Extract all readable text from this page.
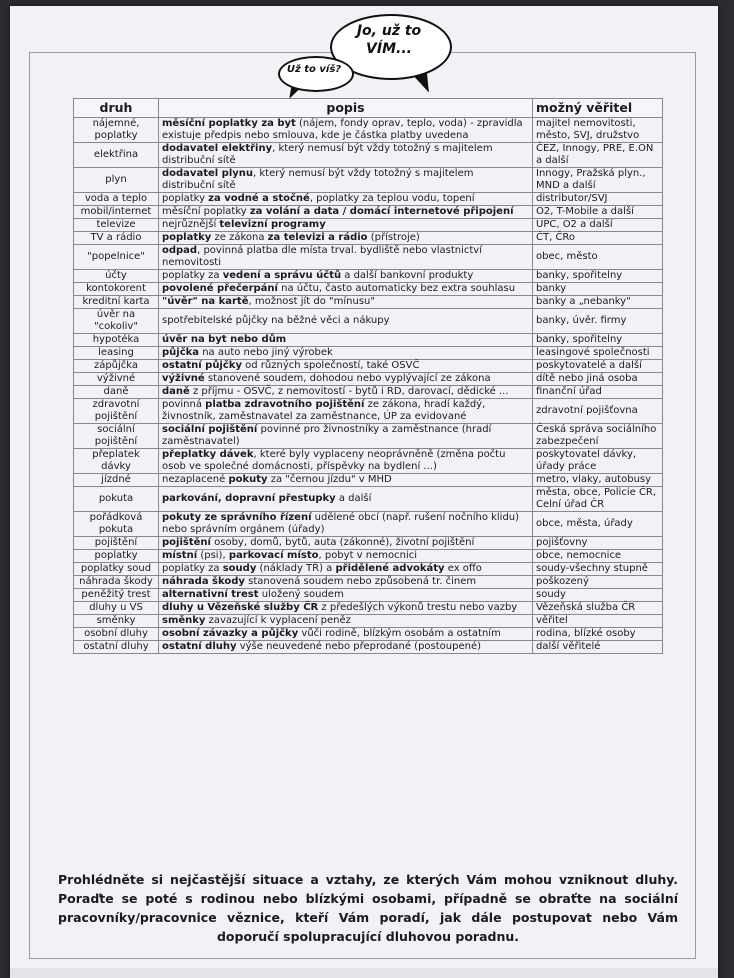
Jo, už to
VÍM...
Už to víš?
druh	popis	možný věřitel
nájemné, poplatky	měsíční poplatky za byt (nájem, fondy oprav, teplo, voda) - zpravidla existuje předpis nebo smlouva, kde je částka platby uvedena	majitel nemovitosti, město, SVJ, družstvo
elektřina	dodavatel elektřiny, který nemusí být vždy totožný s majitelem distribuční sítě	ČEZ, Innogy, PRE, E.ON a další
plyn	dodavatel plynu, který nemusí být vždy totožný s majitelem distribuční sítě	Innogy, Pražská plyn., MND a další
voda a teplo	poplatky za vodné a stočné, poplatky za teplou vodu, topení	distributor/SVJ
mobil/internet	měsíční poplatky za volání a data / domácí internetové připojení	O2, T-Mobile a další
televize	nejrůznější televizní programy	UPC, O2 a další
TV a rádio	poplatky ze zákona za televizi a rádio (přístroje)	ČT, ČRo
"popelnice"	odpad, povinná platba dle místa trval. bydliště nebo vlastnictví nemovitosti	obec, město
účty	poplatky za vedení a správu účtů a další bankovní produkty	banky, spořitelny
kontokorent	povolené přečerpání na účtu, často automaticky bez extra souhlasu	banky
kreditní karta	"úvěr" na kartě, možnost jít do "mínusu"	banky a „nebanky"
úvěr na "cokoliv"	spotřebitelské půjčky na běžné věci a nákupy	banky, úvěr. firmy
hypotéka	úvěr na byt nebo dům	banky, spořitelny
leasing	půjčka na auto nebo jiný výrobek	leasingové společnosti
zápůjčka	ostatní půjčky od různých společností, také OSVČ	poskytovatelé a další
výživné	výživné stanovené soudem, dohodou nebo vyplývající ze zákona	dítě nebo jiná osoba
daně	daně z příjmu - OSVČ, z nemovitostí - bytů i RD, darovací, dědické ...	finanční úřad
zdravotní pojištění	povinná platba zdravotního pojištění ze zákona, hradí každý, živnostník, zaměstnavatel za zaměstnance, ÚP za evidované	zdravotní pojišťovna
sociální pojištění	sociální pojištění povinné pro živnostníky a zaměstnance (hradí zaměstnavatel)	Česká správa sociálního zabezpečení
přeplatek dávky	přeplatky dávek, které byly vyplaceny neoprávněně (změna počtu osob ve společné domácnosti, příspěvky na bydlení ...)	poskytovatel dávky, úřady práce
jízdné	nezaplacené pokuty za "černou jízdu" v MHD	metro, vlaky, autobusy
pokuta	parkování, dopravní přestupky a další	města, obce, Policie ČR, Celní úřad ČR
pořádková pokuta	pokuty ze správního řízení udělené obcí (např. rušení nočního klidu) nebo správním orgánem (úřady)	obce, města, úřady
pojištění	pojištění osoby, domů, bytů, auta (zákonné), životní pojištění	pojišťovny
poplatky	místní (psi), parkovací místo, pobyt v nemocnici	obce, nemocnice
poplatky soud	poplatky za soudy (náklady TŘ) a přidělené advokáty ex offo	soudy-všechny stupně
náhrada škody	náhrada škody stanovená soudem nebo způsobená tr. činem	poškozený
peněžitý trest	alternativní trest uložený soudem	soudy
dluhy u VS	dluhy u Vězeňské služby ČR z předešlých výkonů trestu nebo vazby	Vězeňská služba ČR
směnky	směnky zavazující k vyplacení peněz	věřitel
osobní dluhy	osobní závazky a půjčky vůči rodině, blízkým osobám a ostatním	rodina, blízké osoby
ostatní dluhy	ostatní dluhy výše neuvedené nebo přeprodané (postoupené)	další věřitelé
Prohlédněte si nejčastější situace a vztahy, ze kterých Vám mohou vzniknout dluhy. Poraďte se poté s rodinou nebo blízkými osobami, případně se obraťte na sociální pracovníky/pracovnice věznice, kteří Vám poradí, jak dále postupovat nebo Vám doporučí spolupracující dluhovou poradnu.
